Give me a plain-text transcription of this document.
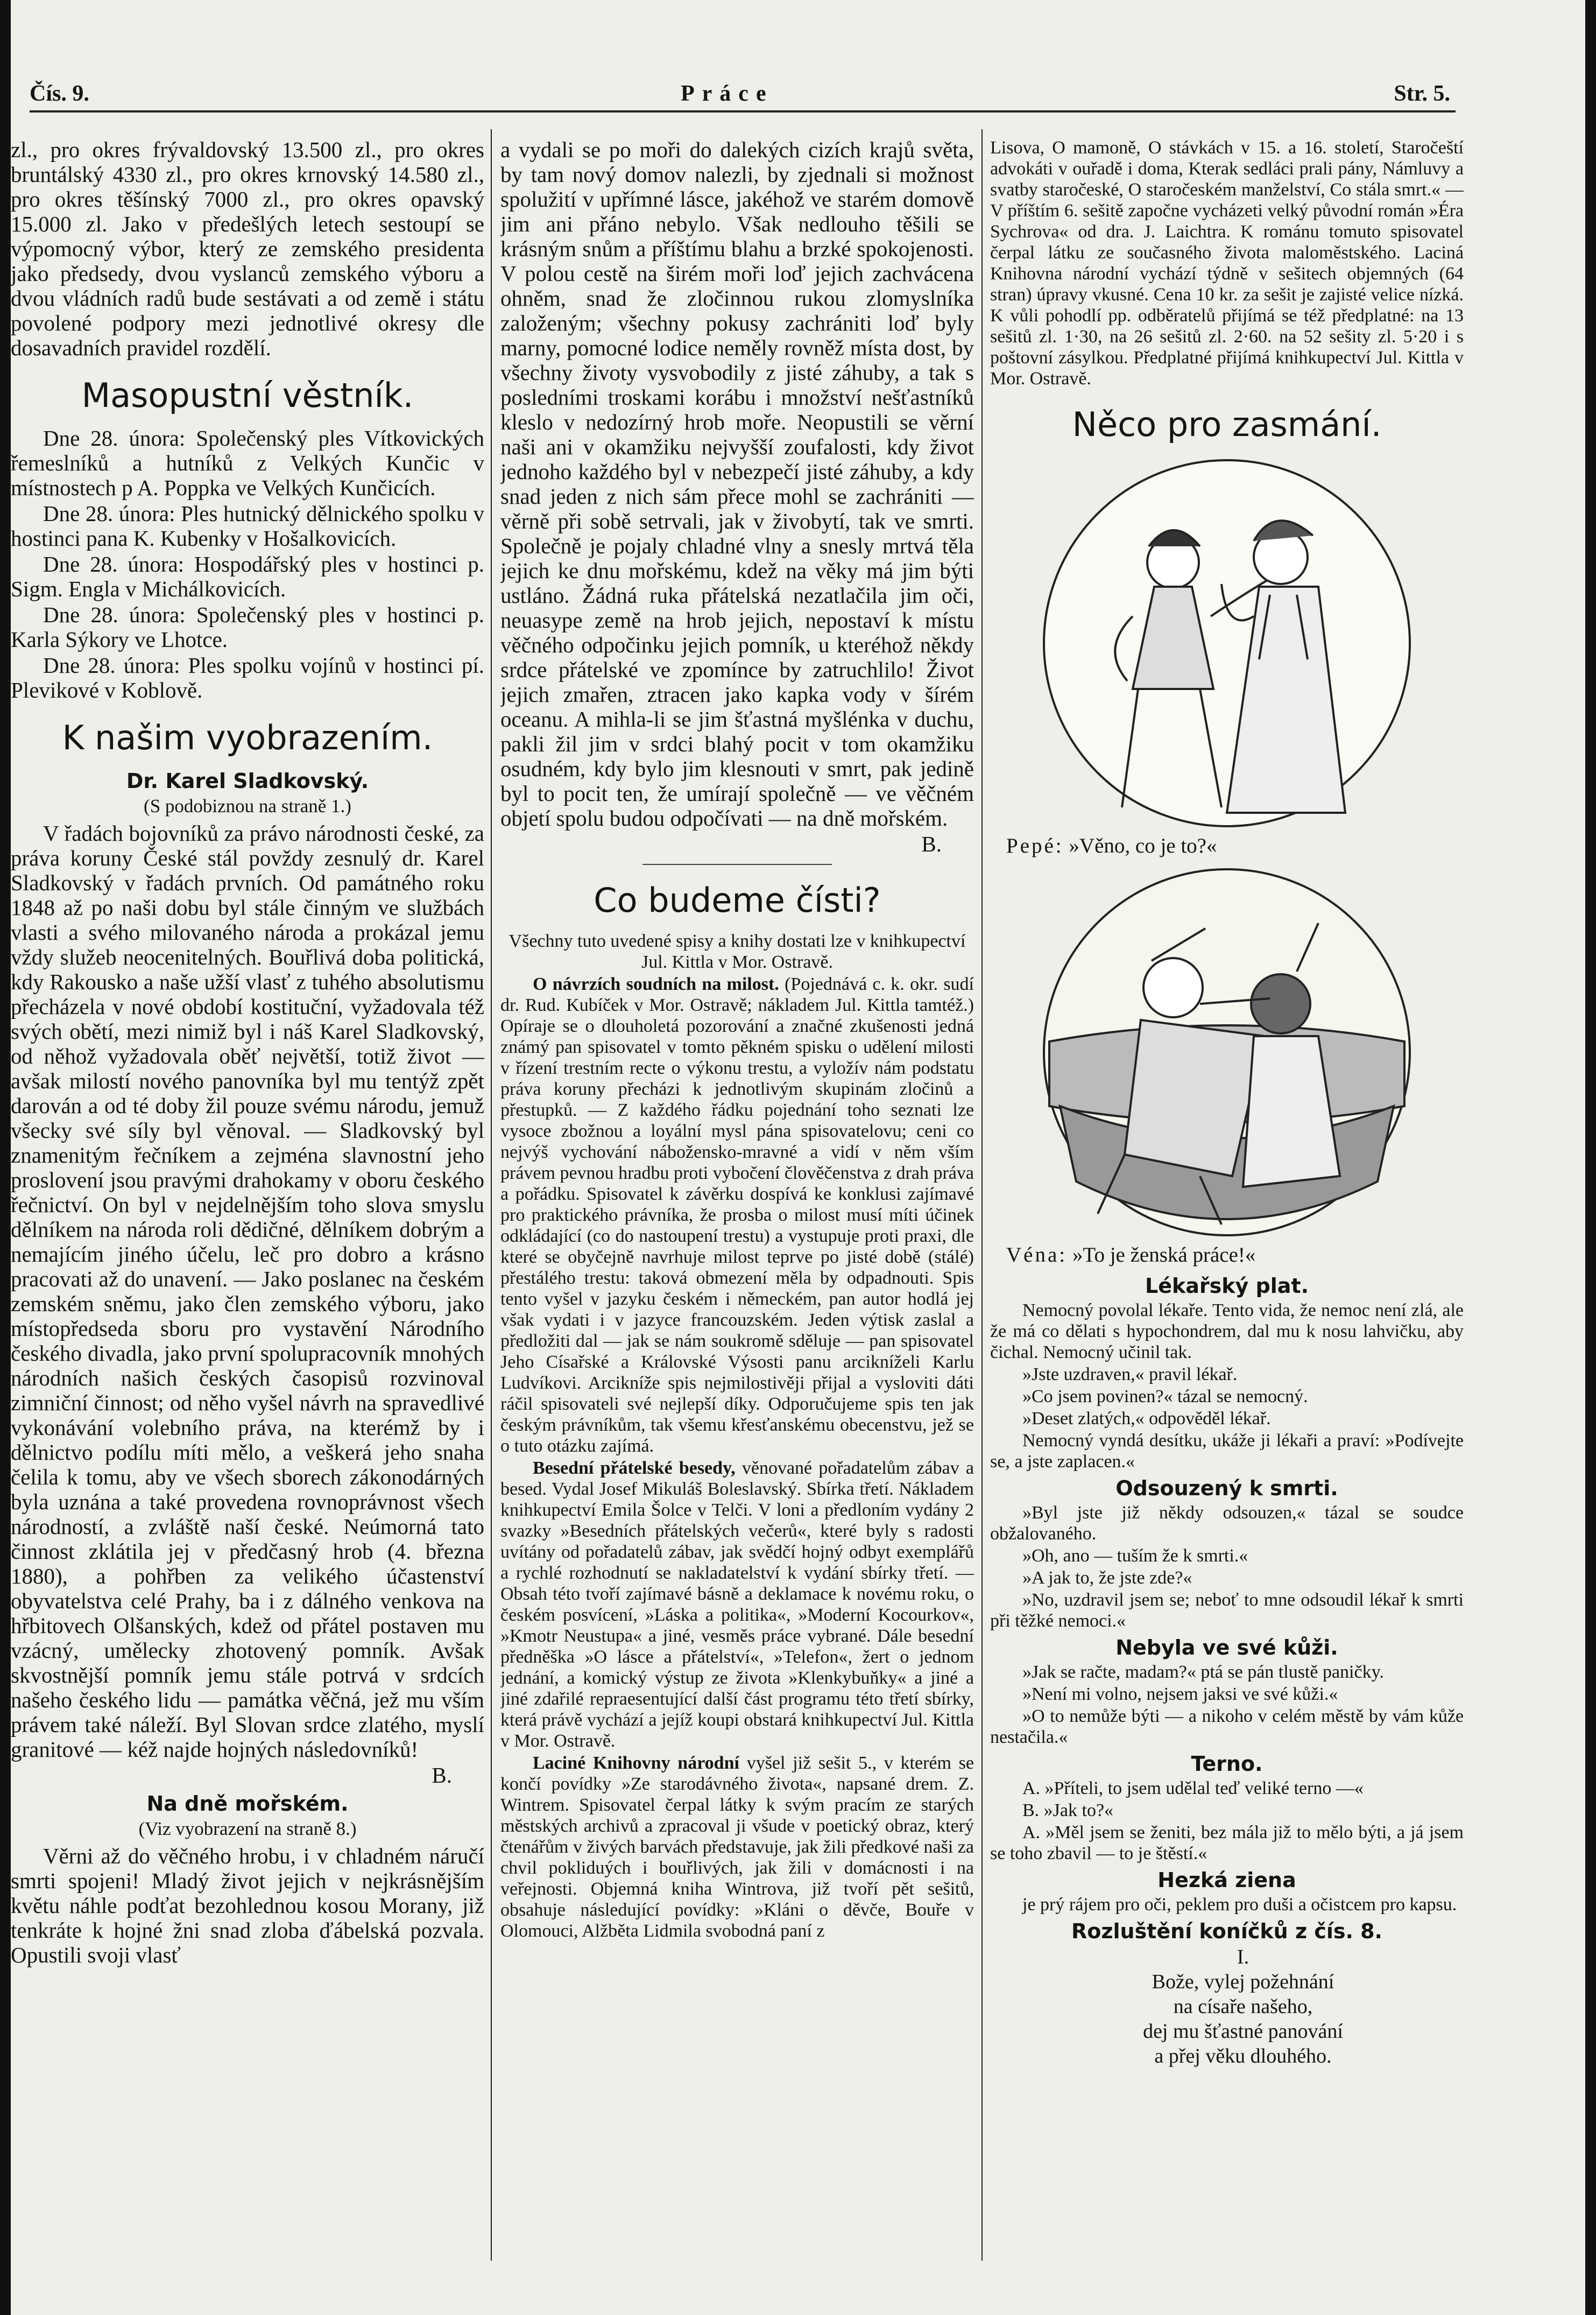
Čís. 9.	Práce	Str. 5.

zl., pro okres frývaldovský 13.500 zl., pro okres bruntálský 4330 zl., pro okres krnovský 14.580 zl., pro okres těšínský 7000 zl., pro okres opavský 15.000 zl. Jako v předešlých letech sestoupí se výpomocný výbor, který ze zemského presidenta jako předsedy, dvou vyslanců zemského výboru a dvou vládních radů bude sestávati a od země i státu povolené podpory mezi jednotlivé okresy dle dosavadních pravidel rozdělí.

Masopustní věstník.

Dne 28. února: Společenský ples Vítkovických řemeslníků a hutníků z Velkých Kunčic v místnostech p A. Poppka ve Velkých Kunčicích.

Dne 28. února: Ples hutnický dělnického spolku v hostinci pana K. Kubenky v Hošalkovicích.

Dne 28. února: Hospodářský ples v hostinci p. Sigm. Engla v Michálkovicích.

Dne 28. února: Společenský ples v hostinci p. Karla Sýkory ve Lhotce.

Dne 28. února: Ples spolku vojínů v hostinci pí. Plevikové v Koblově.

K našim vyobrazením.
Dr. Karel Sladkovský.
(S podobiznou na straně 1.)

V řadách bojovníků za právo národnosti české, za práva koruny České stál povždy zesnulý dr. Karel Sladkovský v řadách prvních. Od památného roku 1848 až po naši dobu byl stále činným ve službách vlasti a svého milovaného národa a prokázal jemu vždy služeb neocenitelných. Bouřlivá doba politická, kdy Rakousko a naše užší vlasť z tuhého absolutismu přecházela v nové období kostituční, vyžadovala též svých obětí, mezi nimiž byl i náš Karel Sladkovský, od něhož vyžadovala oběť největší, totiž život — avšak milostí nového panovníka byl mu tentýž zpět darován a od té doby žil pouze svému národu, jemuž všecky své síly byl věnoval. — Sladkovský byl znamenitým řečníkem a zejména slavnostní jeho proslovení jsou pravými drahokamy v oboru českého řečnictví. On byl v nejdelnějším toho slova smyslu dělníkem na národa roli dědičné, dělníkem dobrým a nemajícím jiného účelu, leč pro dobro a krásno pracovati až do unavení. — Jako poslanec na českém zemském sněmu, jako člen zemského výboru, jako místopředseda sboru pro vystavění Národního českého divadla, jako první spolupracovník mnohých národních našich českých časopisů rozvinoval zimniční činnost; od něho vyšel návrh na spravedlivé vykonávání volebního práva, na kterémž by i dělnictvo podílu míti mělo, a veškerá jeho snaha čelila k tomu, aby ve všech sborech zákonodárných byla uznána a také provedena rovnoprávnost všech národností, a zvláště naší české. Neúmorná tato činnost zklátila jej v předčasný hrob (4. března 1880), a pohřben za velikého účastenství obyvatelstva celé Prahy, ba i z dálného venkova na hřbitovech Olšanských, kdež od přátel postaven mu vzácný, umělecky zhotovený pomník. Avšak skvostnější pomník jemu stále potrvá v srdcích našeho českého lidu — památka věčná, jež mu vším právem také náleží. Byl Slovan srdce zlatého, myslí granitové — kéž najde hojných následovníků!

B.
Na dně mořském.
(Viz vyobrazení na straně 8.)

Věrni až do věčného hrobu, i v chladném náručí smrti spojeni! Mladý život jejich v nejkrásnějším květu náhle podťat bezohlednou kosou Morany, již tenkráte k hojné žni snad zloba ďábelská pozvala. Opustili svoji vlasť

a vydali se po moři do dalekých cizích krajů světa, by tam nový domov nalezli, by zjednali si možnost spolužití v upřímné lásce, jakéhož ve starém domově jim ani přáno nebylo. Však nedlouho těšili se krásným snům a příštímu blahu a brzké spokojenosti. V polou cestě na širém moři loď jejich zachvácena ohněm, snad že zločinnou rukou zlomyslníka založeným; všechny pokusy zachrániti loď byly marny, pomocné lodice neměly rovněž místa dost, by všechny životy vysvobodily z jisté záhuby, a tak s posledními troskami korábu i množství nešťastníků kleslo v nedozírný hrob moře. Neopustili se věrní naši ani v okamžiku nejvyšší zoufalosti, kdy život jednoho každého byl v nebezpečí jisté záhuby, a kdy snad jeden z nich sám přece mohl se zachrániti — věrně při sobě setrvali, jak v živobytí, tak ve smrti. Společně je pojaly chladné vlny a snesly mrtvá těla jejich ke dnu mořskému, kdež na věky má jim býti ustláno. Žádná ruka přátelská nezatlačila jim oči, neuasype země na hrob jejich, nepostaví k místu věčného odpočinku jejich pomník, u kteréhož někdy srdce přátelské ve zpomínce by zatruchlilo! Život jejich zmařen, ztracen jako kapka vody v šírém oceanu. A mihla-li se jim šťastná myšlénka v duchu, pakli žil jim v srdci blahý pocit v tom okamžiku osudném, kdy bylo jim klesnouti v smrt, pak jedině byl to pocit ten, že umírají společně — ve věčném objetí spolu budou odpočívati — na dně mořském.

B.
Co budeme čísti?

Všechny tuto uvedené spisy a knihy dostati lze v knihkupectví Jul. Kittla v Mor. Ostravě.

O návrzích soudních na milost. (Pojednává c. k. okr. sudí dr. Rud. Kubíček v Mor. Ostravě; nákladem Jul. Kittla tamtéž.) Opíraje se o dlouholetá pozorování a značné zkušenosti jedná známý pan spisovatel v tomto pěkném spisku o udělení milosti v řízení trestním recte o výkonu trestu, a vyložív nám podstatu práva koruny přecházi k jednotlivým skupinám zločinů a přestupků. — Z každého řádku pojednání toho seznati lze vysoce zbožnou a loyální mysl pána spisovatelovu; ceni co nejvýš vychování nábožensko-mravné a vidí v něm vším právem pevnou hradbu proti vybočení člověčenstva z drah práva a pořádku. Spisovatel k závěrku dospívá ke konklusi zajímavé pro praktického právníka, že prosba o milost musí míti účinek odkládající (co do nastoupení trestu) a vystupuje proti praxi, dle které se obyčejně navrhuje milost teprve po jisté době (stálé) přestálého trestu: taková obmezení měla by odpadnouti. Spis tento vyšel v jazyku českém i německém, pan autor hodlá jej však vydati i v jazyce francouzském. Jeden výtisk zaslal a předložiti dal — jak se nám soukromě sděluje — pan spisovatel Jeho Císařské a Královské Výsosti panu arcikníželi Karlu Ludvíkovi. Arcikníže spis nejmilostivěji přijal a vysloviti dáti ráčil spisovateli své nejlepší díky. Odporučujeme spis ten jak českým právníkům, tak všemu křesťanskému obecenstvu, jež se o tuto otázku zajímá.

Besední přátelské besedy, věnované pořadatelům zábav a besed. Vydal Josef Mikuláš Boleslavský. Sbírka třetí. Nákladem knihkupectví Emila Šolce v Telči. V loni a předloním vydány 2 svazky »Besedních přátelských večerů«, které byly s radosti uvítány od pořadatelů zábav, jak svědčí hojný odbyt exemplářů a rychlé rozhodnutí se nakladatelství k vydání sbírky třetí. — Obsah této tvoří zajímavé básně a deklamace k novému roku, o českém posvícení, »Láska a politika«, »Moderní Kocourkov«, »Kmotr Neustupa« a jiné, vesměs práce vybrané. Dále besední předněška »O lásce a přátelství«, »Telefon«, žert o jednom jednání, a komický výstup ze života »Klenkybuňky« a jiné a jiné zdařilé repraesentující další část programu této třetí sbírky, která právě vychází a jejíž koupi obstará knihkupectví Jul. Kittla v Mor. Ostravě.

Laciné Knihovny národní vyšel již sešit 5., v kterém se končí povídky »Ze starodávného života«, napsané drem. Z. Wintrem. Spisovatel čerpal látky k svým pracím ze starých městských archivů a zpracoval ji všude v poetický obraz, který čtenářům v živých barvách představuje, jak žili předkové naši za chvil pokliduých i bouřlivých, jak žili v domácnosti i na veřejnosti. Objemná kniha Wintrova, již tvoří pět sešitů, obsahuje následující povídky: »Kláni o děvče, Bouře v Olomouci, Alžběta Lidmila svobodná paní z

Lisova, O mamoně, O stávkách v 15. a 16. století, Staročeští advokáti v ouřadě i doma, Kterak sedláci prali pány, Námluvy a svatby staročeské, O staročeském manželství, Co stála smrt.« — V příštím 6. sešitě započne vycházeti velký původní román »Éra Sychrova« od dra. J. Laichtra. K románu tomuto spisovatel čerpal látku ze současného života maloměstského. Laciná Knihovna národní vychází týdně v sešitech objemných (64 stran) úpravy vkusné. Cena 10 kr. za sešit je zajisté velice nízká. K vůli pohodlí pp. odběratelů přijímá se též předplatné: na 13 sešitů zl. 1·30, na 26 sešitů zl. 2·60. na 52 sešity zl. 5·20 i s poštovní zásylkou. Předplatné přijímá knihkupectví Jul. Kittla v Mor. Ostravě.

Něco pro zasmání.
Pepé: »Věno, co je to?«
Véna: »To je ženská práce!«
Lékařský plat.

Nemocný povolal lékaře. Tento vida, že nemoc není zlá, ale že má co dělati s hypochondrem, dal mu k nosu lahvičku, aby čichal. Nemocný učinil tak.

»Jste uzdraven,« pravil lékař.

»Co jsem povinen?« tázal se nemocný.

»Deset zlatých,« odpověděl lékař.

Nemocný vyndá desítku, ukáže ji lékaři a praví: »Podívejte se, a jste zaplacen.«

Odsouzený k smrti.

»Byl jste již někdy odsouzen,« tázal se soudce obžalovaného.

»Oh, ano — tuším že k smrti.«

»A jak to, že jste zde?«

»No, uzdravil jsem se; neboť to mne odsoudil lékař k smrti při těžké nemoci.«

Nebyla ve své kůži.

»Jak se račte, madam?« ptá se pán tlustě paničky.

»Není mi volno, nejsem jaksi ve své kůži.«

»O to nemůže býti — a nikoho v celém městě by vám kůže nestačila.«

Terno.

A. »Příteli, to jsem udělal teď veliké terno —«

B. »Jak to?«

A. »Měl jsem se ženiti, bez mála již to mělo býti, a já jsem se toho zbavil — to je štěstí.«

Hezká ziena

je prý rájem pro oči, peklem pro duši a očistcem pro kapsu.

Rozluštění koníčků z čís. 8.

I.

Bože, vylej požehnání

na císaře našeho,

dej mu šťastné panování

a přej věku dlouhého.
